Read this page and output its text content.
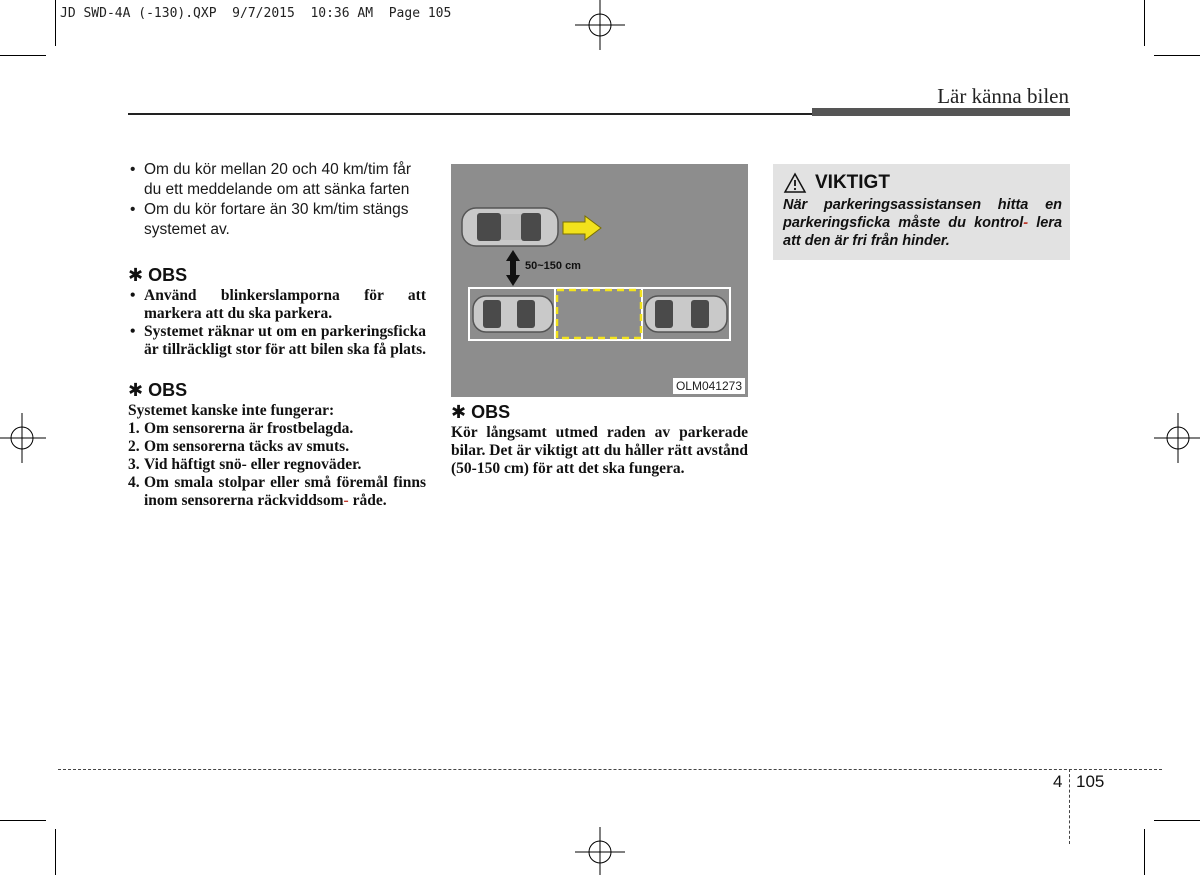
JD SWD-4A (-130).QXP  9/7/2015  10:36 AM  Page 105
Lär känna bilen
• Om du kör mellan 20 och 40 km/tim får du ett meddelande om att sänka farten
• Om du kör fortare än 30 km/tim stängs systemet av.

✱ OBS

• Använd blinkerslamporna för att markera att du ska parkera.
• Systemet räknar ut om en parkeringsficka är tillräckligt stor för att bilen ska få plats.

✱ OBS

Systemet kanske inte fungerar:
1. Om sensorerna är frostbelagda.
2. Om sensorerna täcks av smuts.
3. Vid häftigt snö- eller regnoväder.
4. Om smala stolpar eller små föremål finns inom sensorerna räckviddsom- råde.
50~150 cm
OLM041273

✱ OBS

Kör långsamt utmed raden av parkerade bilar. Det är viktigt att du håller rätt avstånd (50-150 cm) för att det ska fungera.
VIKTIGT
När parkeringsassistansen hitta en parkeringsficka måste du kontrol- lera att den är fri från hinder.
4 105
